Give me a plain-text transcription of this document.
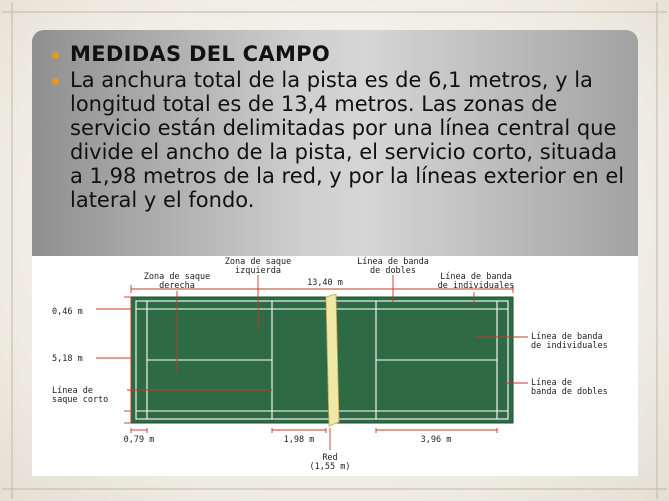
MEDIDAS DEL CAMPO
La anchura total de la pista es de 6,1 metros, y la longitud total es de 13,4 metros. Las zonas de servicio están delimitadas por una línea central que divide el ancho de la pista, el servicio corto, situada a 1,98 metros de la red, y por la líneas exterior en el lateral y el fondo.
Zona de saque
izquierda
Zona de saque
derecha	13,40 m
Línea de banda
de dobles
Línea de banda
de individuales
0,46 m
5,18 m
Línea de
saque corto
Línea de banda
de individuales
Línea de
banda de dobles
0,79 m	1,98 m	3,96 m
Red
(1,55 m)
